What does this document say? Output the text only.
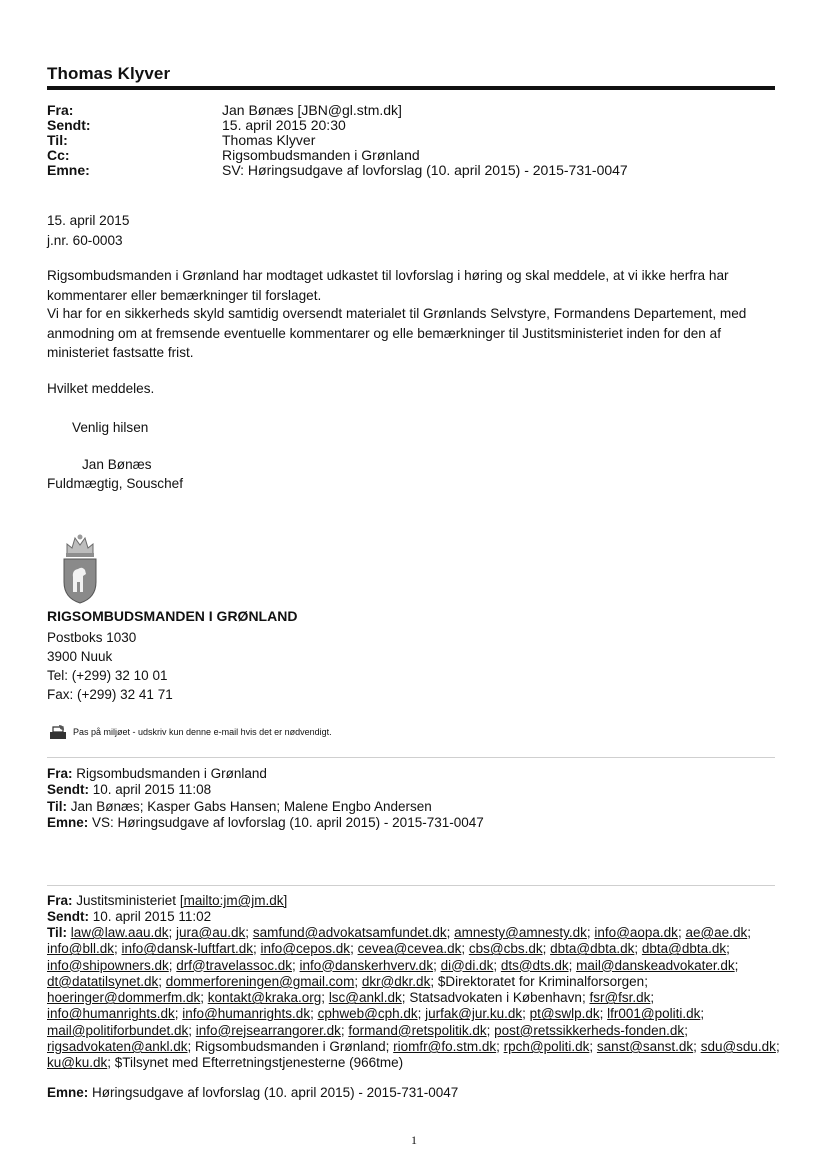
Thomas Klyver
Fra:	Jan Bønæs [JBN@gl.stm.dk]
Sendt:	15. april 2015 20:30
Til:	Thomas Klyver
Cc:	Rigsombudsmanden i Grønland
Emne:	SV: Høringsudgave af lovforslag (10. april 2015) - 2015-731-0047
15. april 2015
j.nr. 60-0003
Rigsombudsmanden i Grønland har modtaget udkastet til lovforslag i høring og skal meddele, at vi ikke herfra har
kommentarer eller bemærkninger til forslaget.
Vi har for en sikkerheds skyld samtidig oversendt materialet til Grønlands Selvstyre, Formandens Departement, med
anmodning om at fremsende eventuelle kommentarer og elle bemærkninger til Justitsministeriet inden for den af
ministeriet fastsatte frist.
Hvilket meddeles.
Venlig hilsen
Jan Bønæs
Fuldmægtig, Souschef
RIGSOMBUDSMANDEN I GRØNLAND
Postboks 1030
3900 Nuuk
Tel: (+299) 32 10 01
Fax: (+299) 32 41 71
Pas på miljøet - udskriv kun denne e-mail hvis det er nødvendigt.
Fra: Rigsombudsmanden i Grønland
Sendt: 10. april 2015 11:08
Til: Jan Bønæs; Kasper Gabs Hansen; Malene Engbo Andersen
Emne: VS: Høringsudgave af lovforslag (10. april 2015) - 2015-731-0047
Fra: Justitsministeriet [mailto:jm@jm.dk]
Sendt: 10. april 2015 11:02
Til: law@law.aau.dk; jura@au.dk; samfund@advokatsamfundet.dk; amnesty@amnesty.dk; info@aopa.dk; ae@ae.dk; info@bll.dk; info@dansk-luftfart.dk; info@cepos.dk; cevea@cevea.dk; cbs@cbs.dk; dbta@dbta.dk; dbta@dbta.dk; info@shipowners.dk; drf@travelassoc.dk; info@danskerhverv.dk; di@di.dk; dts@dts.dk; mail@danskeadvokater.dk; dt@datatilsynet.dk; dommerforeningen@gmail.com; dkr@dkr.dk; $Direktoratet for Kriminalforsorgen; hoeringer@dommerfm.dk; kontakt@kraka.org; lsc@ankl.dk; Statsadvokaten i København; fsr@fsr.dk; info@humanrights.dk; info@humanrights.dk; cphweb@cph.dk; jurfak@jur.ku.dk; pt@swlp.dk; lfr001@politi.dk; mail@politiforbundet.dk; info@rejsearrangorer.dk; formand@retspolitik.dk; post@retssikkerheds-fonden.dk; rigsadvokaten@ankl.dk; Rigsombudsmanden i Grønland; riomfr@fo.stm.dk; rpch@politi.dk; sanst@sanst.dk; sdu@sdu.dk; ku@ku.dk; $Tilsynet med Efterretningstjenesterne (966tme)
Emne: Høringsudgave af lovforslag (10. april 2015) - 2015-731-0047
1
